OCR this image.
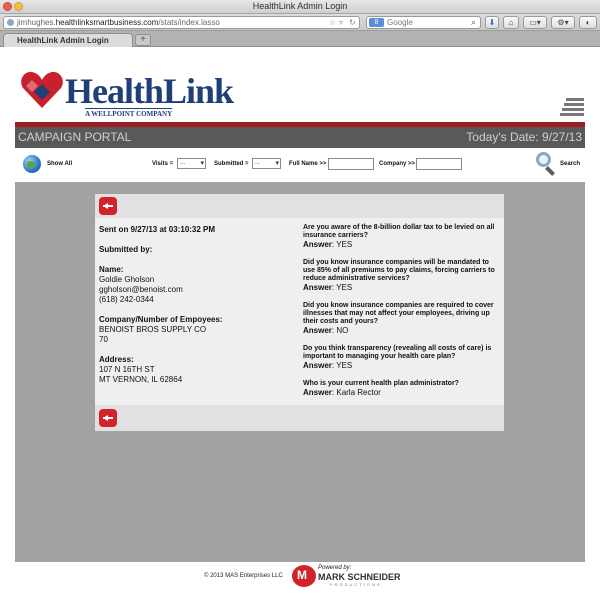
HealthLink Admin Login
jimhughes.healthlinksmartbusiness.com/stats/index.lasso	☆ ▿ ↻	8	Google	⌕	⬇	⌂	▭▾	⚙▾	◐
HealthLink Admin Login	+
HealthLink
A WELLPOINT COMPANY
CAMPAIGN PORTAL	Today's Date: 9/27/13
Show All	Visits =	... ▾	Submitted =	... ▾	Full Name >>	Company >>	Search
Sent on 9/27/13 at 03:10:32 PM
Submitted by:
Name:
Goldie Gholson
ggholson@benoist.com
(618) 242-0344
Company/Number of Empoyees:
BENOIST BROS SUPPLY CO
70
Address:
107 N 16TH ST
MT VERNON, IL 62864
Are you aware of the 8-billion dollar tax to be levied on all insurance carriers?
Answer: YES
Did you know insurance companies will be mandated to use 85% of all premiums to pay claims, forcing carriers to reduce administrative services?
Answer: YES
Did you know insurance companies are required to cover illnesses that may not affect your employees, driving up their costs and yours?
Answer: NO
Do you think transparency (revealing all costs of care) is important to managing your health care plan?
Answer: YES
Who is your current health plan administrator?
Answer: Karla Rector
© 2013 MAS Enterprises LLC
M
Powered by:
MARK SCHNEIDER
PRODUCTIONS
